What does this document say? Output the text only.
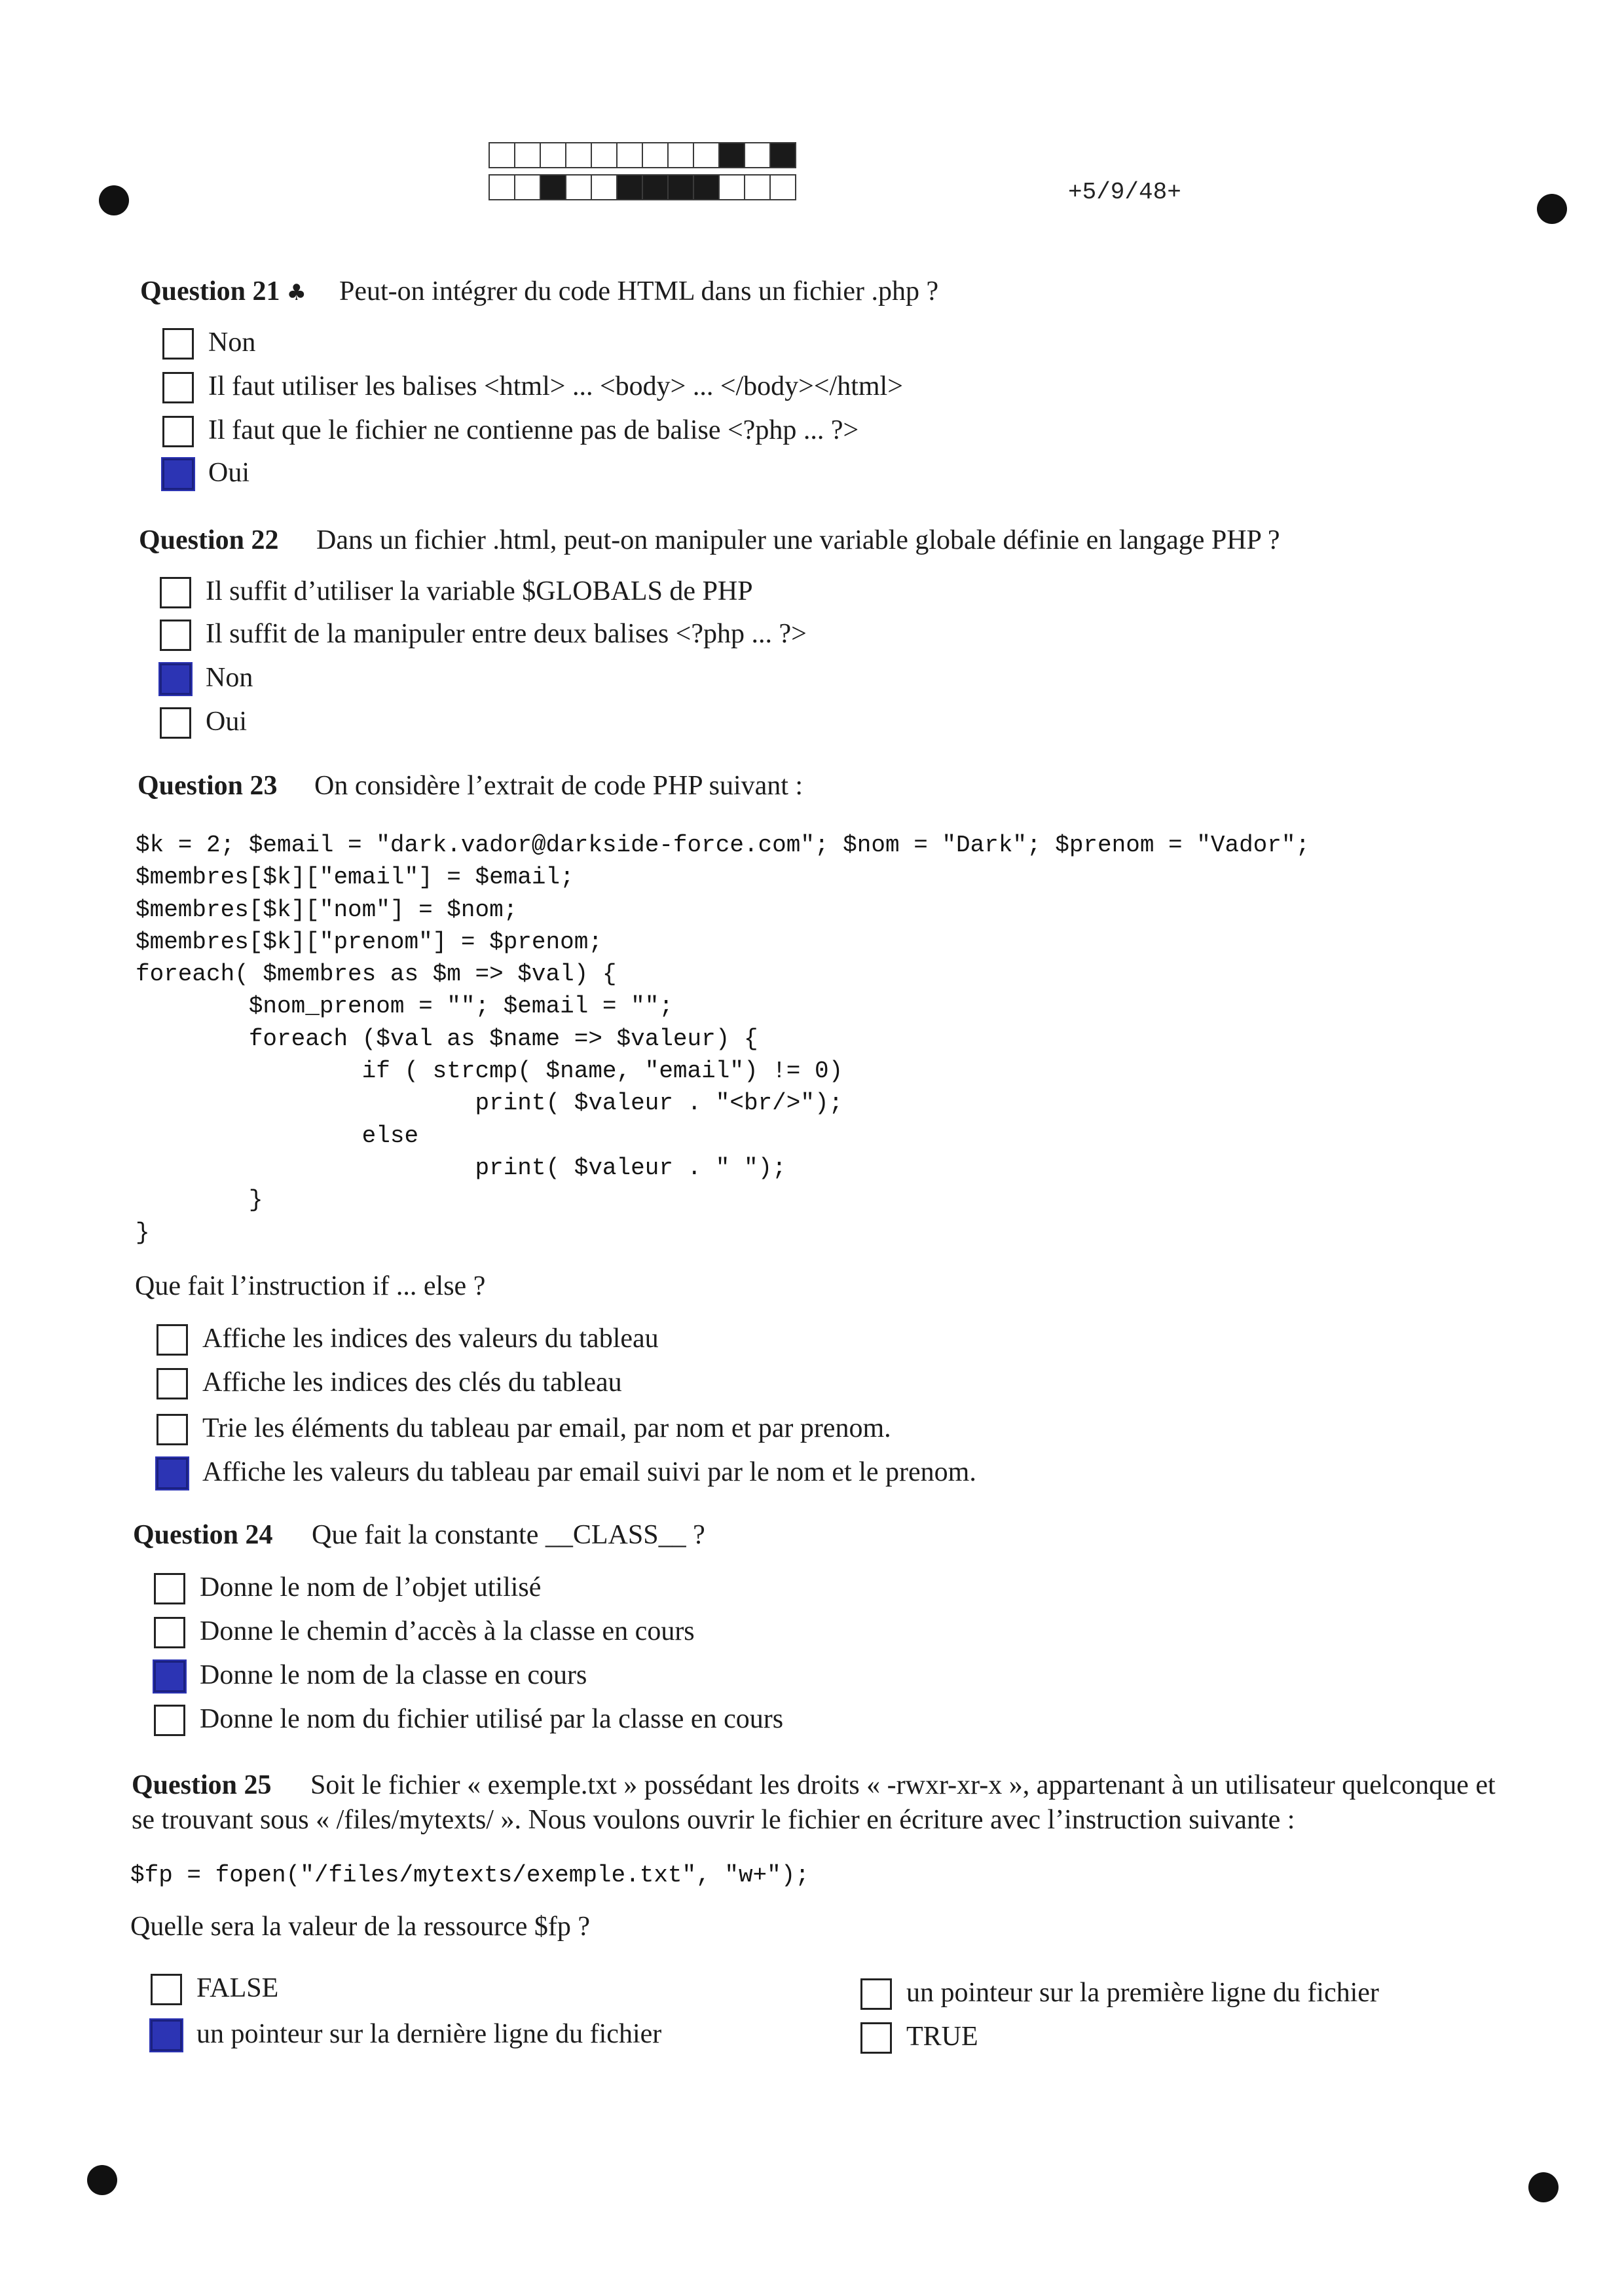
+5/9/48+
Question 21 ♣ Peut-on intégrer du code HTML dans un fichier .php ?
Non
Il faut utiliser les balises <html> ... <body> ... </body></html>
Il faut que le fichier ne contienne pas de balise <?php ... ?>
Oui
Question 22 Dans un fichier .html, peut-on manipuler une variable globale définie en langage PHP ?
Il suffit d’utiliser la variable $GLOBALS de PHP
Il suffit de la manipuler entre deux balises <?php ... ?>
Non
Oui
Question 23 On considère l’extrait de code PHP suivant :
$k = 2; $email = "dark.vador@darkside-force.com"; $nom = "Dark"; $prenom = "Vador";
$membres[$k]["email"] = $email;
$membres[$k]["nom"] = $nom;
$membres[$k]["prenom"] = $prenom;
foreach( $membres as $m => $val) {
$nom_prenom = ""; $email = "";
foreach ($val as $name => $valeur) {
if ( strcmp( $name, "email") != 0)
print( $valeur . "<br/>");
else
print( $valeur . " ");
}
}
Que fait l’instruction if ... else ?
Affiche les indices des valeurs du tableau
Affiche les indices des clés du tableau
Trie les éléments du tableau par email, par nom et par prenom.
Affiche les valeurs du tableau par email suivi par le nom et le prenom.
Question 24 Que fait la constante __CLASS__ ?
Donne le nom de l’objet utilisé
Donne le chemin d’accès à la classe en cours
Donne le nom de la classe en cours
Donne le nom du fichier utilisé par la classe en cours
Question 25 Soit le fichier « exemple.txt » possédant les droits « -rwxr-xr-x », appartenant à un utilisateur quelconque et se trouvant sous « /files/mytexts/ ». Nous voulons ouvrir le fichier en écriture avec l’instruction suivante :
$fp = fopen("/files/mytexts/exemple.txt", "w+");
Quelle sera la valeur de la ressource $fp ?
FALSE
un pointeur sur la dernière ligne du fichier
un pointeur sur la première ligne du fichier
TRUE
